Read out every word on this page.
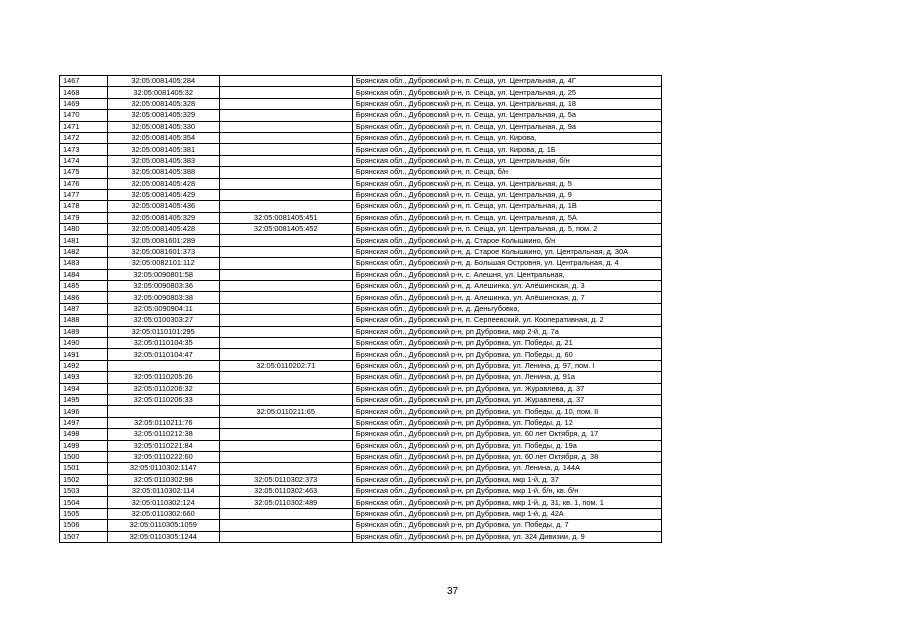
1467	32:05:0081405:284		Брянская обл., Дубровский р-н, п. Сеща, ул. Центральная, д. 4Г
1468	32:05:0081405:32		Брянская обл., Дубровский р-н, п. Сеща, ул. Центральная, д. 25
1469	32:05:0081405:328		Брянская обл., Дубровский р-н, п. Сеща, ул. Центральная, д. 18
1470	32:05:0081405:329		Брянская обл., Дубровский р-н, п. Сеща, ул. Центральная, д. 5а
1471	32:05:0081405:330		Брянская обл., Дубровский р-н, п. Сеща, ул. Центральная, д. 9а
1472	32:05:0081405:354		Брянская обл., Дубровский р-н, п. Сеща, ул. Кирова,
1473	32:05:0081405:381		Брянская обл., Дубровский р-н, п. Сеща, ул. Кирова, д. 1Б
1474	32:05:0081405:383		Брянская обл., Дубровский р-н, п. Сеща, ул. Центральная, б/н
1475	32:05:0081405:388		Брянская обл., Дубровский р-н, п. Сеща, б/н
1476	32:05:0081405:428		Брянская обл., Дубровский р-н, п. Сеща, ул. Центральная, д. 5
1477	32:05:0081405:429		Брянская обл., Дубровский р-н, п. Сеща, ул. Центральная, д. 9
1478	32:05:0081405:436		Брянская обл., Дубровский р-н, п. Сеща, ул. Центральная, д. 1В
1479	32:05:0081405:329	32:05:0081405:451	Брянская обл., Дубровский р-н, п. Сеща, ул. Центральная, д. 5А
1480	32:05:0081405:428	32:05:0081405:452	Брянская обл., Дубровский р-н, п. Сеща, ул. Центральная, д. 5, пом. 2
1481	32:05:0081601:289		Брянская обл., Дубровский р-н, д. Старое Колышкино, б/н
1482	32:05:0081601:373		Брянская обл., Дубровский р-н, д. Старое Колышкино, ул. Центральная, д. 30А
1483	32:05:0082101:112		Брянская обл., Дубровский р-н, д. Большая Островня, ул. Центральная, д. 4
1484	32:05:0090801:58		Брянская обл., Дубровский р-н, с. Алешня, ул. Центральная,
1485	32:05:0090803:36		Брянская обл., Дубровский р-н, д. Алешинка, ул. Алёшинская, д. 3
1486	32:05:0090803:38		Брянская обл., Дубровский р-н, д. Алешинка, ул. Алёшинская, д. 7
1487	32:05:0090904:11		Брянская обл., Дубровский р-н, д. Деньгубовка,
1488	32:05:0100303:27		Брянская обл., Дубровский р-н, п. Серпеевский, ул. Кооперативная, д. 2
1489	32:05:0110101:295		Брянская обл., Дубровский р-н, рп Дубровка, мкр 2-й, д. 7а
1490	32:05:0110104:35		Брянская обл., Дубровский р-н, рп Дубровка, ул. Победы, д. 21
1491	32:05:0110104:47		Брянская обл., Дубровский р-н, рп Дубровка, ул. Победы, д. 60
1492		32:05:0110202:71	Брянская обл., Дубровский р-н, рп Дубровка, ул. Ленина, д. 97, пом. I
1493	32:05:0110205:26		Брянская обл., Дубровский р-н, рп Дубровка, ул. Ленина, д. 91а
1494	32:05:0110206:32		Брянская обл., Дубровский р-н, рп Дубровка, ул. Журавлева, д. 37
1495	32:05:0110206:33		Брянская обл., Дубровский р-н, рп Дубровка, ул. Журавлева, д. 37
1496		32:05:0110211:65	Брянская обл., Дубровский р-н, рп Дубровка, ул. Победы, д. 10, пом. II
1497	32:05:0110211:76		Брянская обл., Дубровский р-н, рп Дубровка, ул. Победы, д. 12
1498	32:05:0110212:38		Брянская обл., Дубровский р-н, рп Дубровка, ул. 60 лет Октября, д. 17
1499	32:05:0110221:84		Брянская обл., Дубровский р-н, рп Дубровка, ул. Победы, д. 19а
1500	32:05:0110222:60		Брянская обл., Дубровский р-н, рп Дубровка, ул. 60 лет Октября, д. 38
1501	32:05:0110302:1147		Брянская обл., Дубровский р-н, рп Дубровка, ул. Ленина, д. 144А
1502	32:05:0110302:98	32:05:0110302:373	Брянская обл., Дубровский р-н, рп Дубровка, мкр 1-й, д. 37
1503	32:05:0110302:114	32:05:0110302:463	Брянская обл., Дубровский р-н, рп Дубровка, мкр 1-й, б/н, кв. б/н
1504	32:05:0110302:124	32:05:0110302:489	Брянская обл., Дубровский р-н, рп Дубровка, мкр 1-й, д. 31, кв. 1, пом. 1
1505	32:05:0110302:660		Брянская обл., Дубровский р-н, рп Дубровка, мкр 1-й, д. 42А
1506	32:05:0110305:1059		Брянская обл., Дубровский р-н, рп Дубровка, ул. Победы, д. 7
1507	32:05:0110305:1244		Брянская обл., Дубровский р-н, рп Дубровка, ул. 324 Дивизии, д. 9
37
